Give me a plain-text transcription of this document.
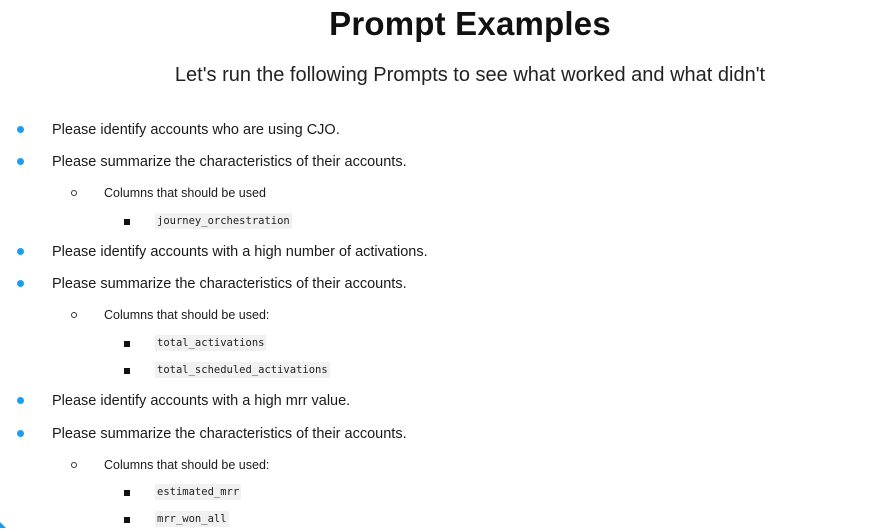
Prompt Examples
Let's run the following Prompts to see what worked and what didn't
Please identify accounts who are using CJO.
Please summarize the characteristics of their accounts.
Columns that should be used
journey_orchestration
Please identify accounts with a high number of activations.
Please summarize the characteristics of their accounts.
Columns that should be used:
total_activations
total_scheduled_activations
Please identify accounts with a high mrr value.
Please summarize the characteristics of their accounts.
Columns that should be used:
estimated_mrr
mrr_won_all
